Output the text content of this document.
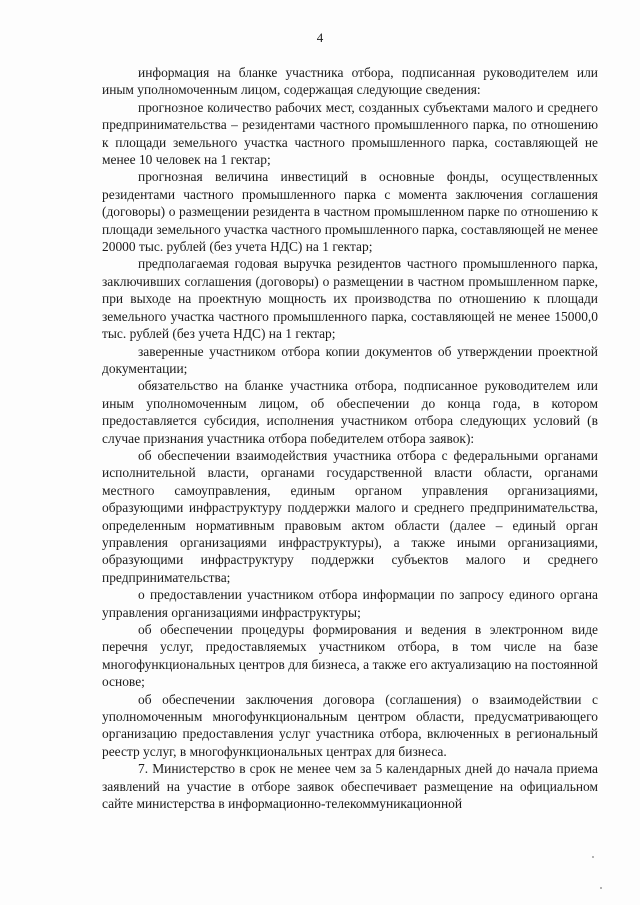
4

информация на бланке участника отбора, подписанная руководителем или иным уполномоченным лицом, содержащая следующие сведения:

прогнозное количество рабочих мест, созданных субъектами малого и среднего предпринимательства – резидентами частного промышленного парка, по отношению к площади земельного участка частного промышленного парка, составляющей не менее 10 человек на 1 гектар;

прогнозная величина инвестиций в основные фонды, осуществленных резидентами частного промышленного парка с момента заключения соглашения (договоры) о размещении резидента в частном промышленном парке по отношению к площади земельного участка частного промышленного парка, составляющей не менее 20000 тыс. рублей (без учета НДС) на 1 гектар;

предполагаемая годовая выручка резидентов частного промышленного парка, заключивших соглашения (договоры) о размещении в частном промышленном парке, при выходе на проектную мощность их производства по отношению к площади земельного участка частного промышленного парка, составляющей не менее 15000,0 тыс. рублей (без учета НДС) на 1 гектар;

заверенные участником отбора копии документов об утверждении проектной документации;

обязательство на бланке участника отбора, подписанное руководителем или иным уполномоченным лицом, об обеспечении до конца года, в котором предоставляется субсидия, исполнения участником отбора следующих условий (в случае признания участника отбора победителем отбора заявок):

об обеспечении взаимодействия участника отбора с федеральными органами исполнительной власти, органами государственной власти области, органами местного самоуправления, единым органом управления организациями, образующими инфраструктуру поддержки малого и среднего предпринимательства, определенным нормативным правовым актом области (далее – единый орган управления организациями инфраструктуры), а также иными организациями, образующими инфраструктуру поддержки субъектов малого и среднего предпринимательства;

о предоставлении участником отбора информации по запросу единого органа управления организациями инфраструктуры;

об обеспечении процедуры формирования и ведения в электронном виде перечня услуг, предоставляемых участником отбора, в том числе на базе многофункциональных центров для бизнеса, а также его актуализацию на постоянной основе;

об обеспечении заключения договора (соглашения) о взаимодействии с уполномоченным многофункциональным центром области, предусматривающего организацию предоставления услуг участника отбора, включенных в региональный реестр услуг, в многофункциональных центрах для бизнеса.

7. Министерство в срок не менее чем за 5 календарных дней до начала приема заявлений на участие в отборе заявок обеспечивает размещение на официальном сайте министерства в информационно-телекоммуникационной
